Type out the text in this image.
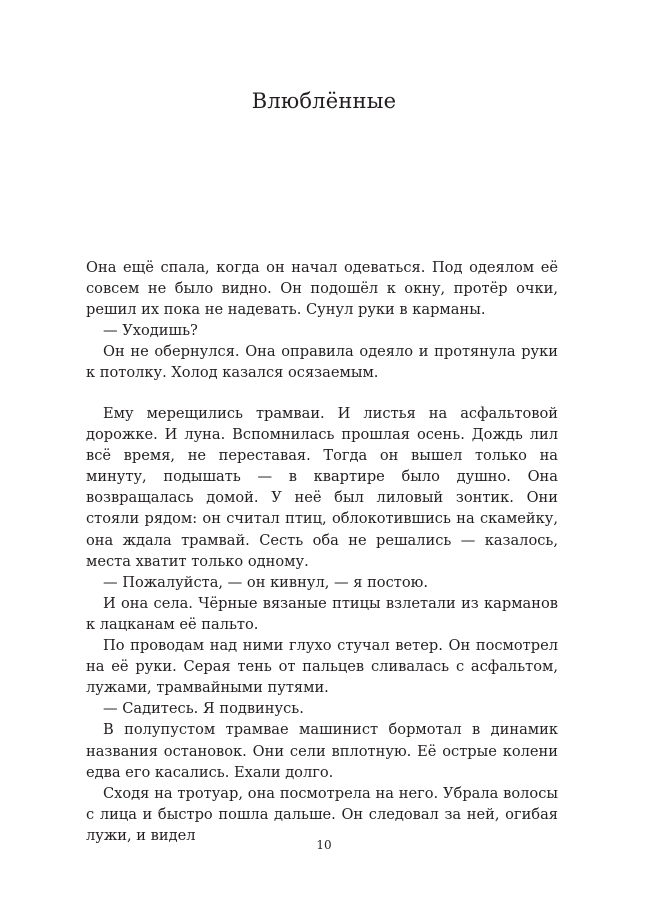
Влюблённые

Она ещё спала, когда он начал одеваться. Под одеялом её совсем не было видно. Он подошёл к окну, протёр очки, решил их пока не надевать. Сунул руки в карманы.

— Уходишь?

Он не обернулся. Она оправила одеяло и протянула руки к потолку. Холод казался осязаемым.

Ему мерещились трамваи. И листья на асфальтовой дорожке. И луна. Вспомнилась прошлая осень. Дождь лил всё время, не переставая. Тогда он вышел только на минуту, подышать — в квартире было душно. Она возвращалась домой. У неё был лиловый зонтик. Они стояли рядом: он считал птиц, облокотившись на скамейку, она ждала трамвай. Сесть оба не решались — казалось, места хватит только одному.

— Пожалуйста, — он кивнул, — я постою.

И она села. Чёрные вязаные птицы взлетали из карманов к лацканам её пальто.

По проводам над ними глухо стучал ветер. Он посмотрел на её руки. Серая тень от пальцев сливалась с асфальтом, лужами, трамвайными путями.

— Садитесь. Я подвинусь.

В полупустом трамвае машинист бормотал в динамик названия остановок. Они сели вплотную. Её острые колени едва его касались. Ехали долго.

Сходя на тротуар, она посмотрела на него. Убрала волосы с лица и быстро пошла дальше. Он следовал за ней, огибая лужи, и видел

10
